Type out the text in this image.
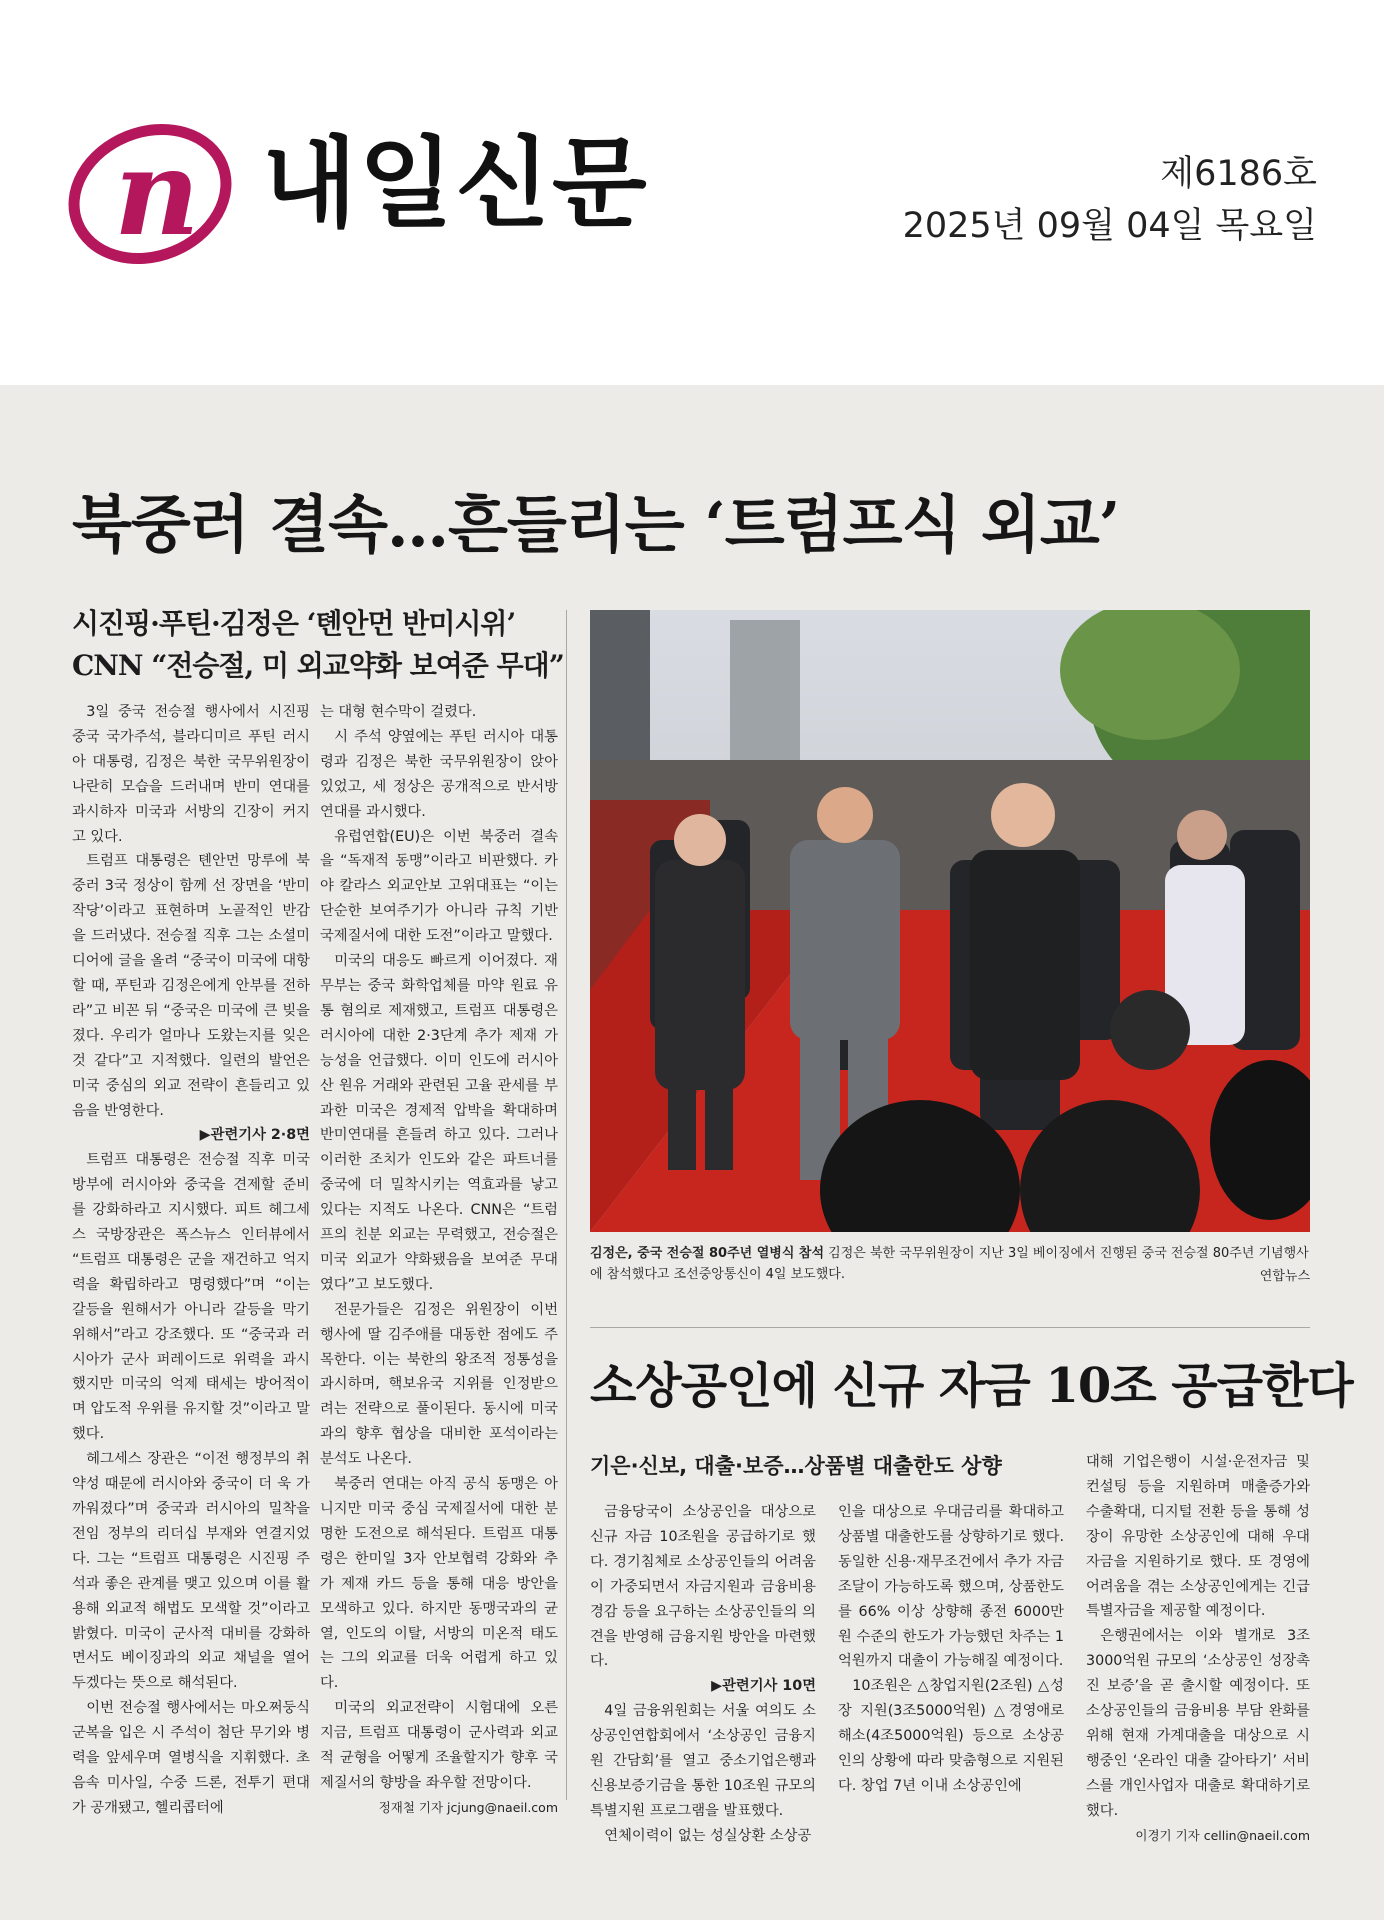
n 내일신문	제6186호
2025년 09월 04일 목요일
북중러 결속…흔들리는 ‘트럼프식 외교’
시진핑·푸틴·김정은 ‘톈안먼 반미시위’
CNN “전승절, 미 외교약화 보여준 무대”

3일 중국 전승절 행사에서 시진핑 중국 국가주석, 블라디미르 푸틴 러시아 대통령, 김정은 북한 국무위원장이 나란히 모습을 드러내며 반미 연대를 과시하자 미국과 서방의 긴장이 커지고 있다.

트럼프 대통령은 톈안먼 망루에 북중러 3국 정상이 함께 선 장면을 ‘반미 작당’이라고 표현하며 노골적인 반감을 드러냈다. 전승절 직후 그는 소셜미디어에 글을 올려 “중국이 미국에 대항할 때, 푸틴과 김정은에게 안부를 전하라”고 비꼰 뒤 “중국은 미국에 큰 빚을 졌다. 우리가 얼마나 도왔는지를 잊은 것 같다”고 지적했다. 일련의 발언은 미국 중심의 외교 전략이 흔들리고 있음을 반영한다.

▶관련기사 2·8면

트럼프 대통령은 전승절 직후 미국방부에 러시아와 중국을 견제할 준비를 강화하라고 지시했다. 피트 헤그세스 국방장관은 폭스뉴스 인터뷰에서 “트럼프 대통령은 군을 재건하고 억지력을 확립하라고 명령했다”며 “이는 갈등을 원해서가 아니라 갈등을 막기 위해서”라고 강조했다. 또 “중국과 러시아가 군사 퍼레이드로 위력을 과시했지만 미국의 억제 태세는 방어적이며 압도적 우위를 유지할 것”이라고 말했다.

헤그세스 장관은 “이전 행정부의 취약성 때문에 러시아와 중국이 더 욱 가까워졌다”며 중국과 러시아의 밀착을 전임 정부의 리더십 부재와 연결지었다. 그는 “트럼프 대통령은 시진핑 주석과 좋은 관계를 맺고 있으며 이를 활용해 외교적 해법도 모색할 것”이라고 밝혔다. 미국이 군사적 대비를 강화하면서도 베이징과의 외교 채널을 열어두겠다는 뜻으로 해석된다.

이번 전승절 행사에서는 마오쩌둥식 군복을 입은 시 주석이 첨단 무기와 병력을 앞세우며 열병식을 지휘했다. 초음속 미사일, 수중 드론, 전투기 편대가 공개됐고, 헬리콥터에

는 대형 현수막이 걸렸다.

시 주석 양옆에는 푸틴 러시아 대통령과 김정은 북한 국무위원장이 앉아 있었고, 세 정상은 공개적으로 반서방 연대를 과시했다.

유럽연합(EU)은 이번 북중러 결속을 “독재적 동맹”이라고 비판했다. 카야 칼라스 외교안보 고위대표는 “이는 단순한 보여주기가 아니라 규칙 기반 국제질서에 대한 도전”이라고 말했다.

미국의 대응도 빠르게 이어졌다. 재무부는 중국 화학업체를 마약 원료 유통 혐의로 제재했고, 트럼프 대통령은 러시아에 대한 2·3단계 추가 제재 가능성을 언급했다. 이미 인도에 러시아산 원유 거래와 관련된 고율 관세를 부과한 미국은 경제적 압박을 확대하며 반미연대를 흔들려 하고 있다. 그러나 이러한 조치가 인도와 같은 파트너를 중국에 더 밀착시키는 역효과를 낳고 있다는 지적도 나온다. CNN은 “트럼프의 친분 외교는 무력했고, 전승절은 미국 외교가 약화됐음을 보여준 무대였다”고 보도했다.

전문가들은 김정은 위원장이 이번 행사에 딸 김주애를 대동한 점에도 주목한다. 이는 북한의 왕조적 정통성을 과시하며, 핵보유국 지위를 인정받으려는 전략으로 풀이된다. 동시에 미국과의 향후 협상을 대비한 포석이라는 분석도 나온다.

북중러 연대는 아직 공식 동맹은 아니지만 미국 중심 국제질서에 대한 분명한 도전으로 해석된다. 트럼프 대통령은 한미일 3자 안보협력 강화와 추가 제재 카드 등을 통해 대응 방안을 모색하고 있다. 하지만 동맹국과의 균열, 인도의 이탈, 서방의 미온적 태도는 그의 외교를 더욱 어렵게 하고 있다.

미국의 외교전략이 시험대에 오른 지금, 트럼프 대통령이 군사력과 외교적 균형을 어떻게 조율할지가 향후 국제질서의 향방을 좌우할 전망이다.

정재철 기자 jcjung@naeil.com

김정은, 중국 전승절 80주년 열병식 참석 김정은 북한 국무위원장이 지난 3일 베이징에서 진행된 중국 전승절 80주년 기념행사에 참석했다고 조선중앙통신이 4일 보도했다.	연합뉴스
소상공인에 신규 자금 10조 공급한다
기은·신보, 대출·보증…상품별 대출한도 상향

금융당국이 소상공인을 대상으로 신규 자금 10조원을 공급하기로 했다. 경기침체로 소상공인들의 어려움이 가중되면서 자금지원과 금융비용 경감 등을 요구하는 소상공인들의 의견을 반영해 금융지원 방안을 마련했다.

▶관련기사 10면

4일 금융위원회는 서울 여의도 소상공인연합회에서 ‘소상공인 금융지원 간담회’를 열고 중소기업은행과 신용보증기금을 통한 10조원 규모의 특별지원 프로그램을 발표했다.

연체이력이 없는 성실상환 소상공

인을 대상으로 우대금리를 확대하고 상품별 대출한도를 상향하기로 했다. 동일한 신용·재무조건에서 추가 자금 조달이 가능하도록 했으며, 상품한도를 66% 이상 상향해 종전 6000만원 수준의 한도가 가능했던 차주는 1억원까지 대출이 가능해질 예정이다.

10조원은 △창업지원(2조원) △성장 지원(3조5000억원) △경영애로 해소(4조5000억원) 등으로 소상공인의 상황에 따라 맞춤형으로 지원된다. 창업 7년 이내 소상공인에

대해 기업은행이 시설·운전자금 및 컨설팅 등을 지원하며 매출증가와 수출확대, 디지털 전환 등을 통해 성장이 유망한 소상공인에 대해 우대 자금을 지원하기로 했다. 또 경영에 어려움을 겪는 소상공인에게는 긴급 특별자금을 제공할 예정이다.

은행권에서는 이와 별개로 3조 3000억원 규모의 ‘소상공인 성장촉진 보증’을 곧 출시할 예정이다. 또 소상공인들의 금융비용 부담 완화를 위해 현재 가계대출을 대상으로 시행중인 ‘온라인 대출 갈아타기’ 서비스를 개인사업자 대출로 확대하기로 했다.

이경기 기자 cellin@naeil.com
